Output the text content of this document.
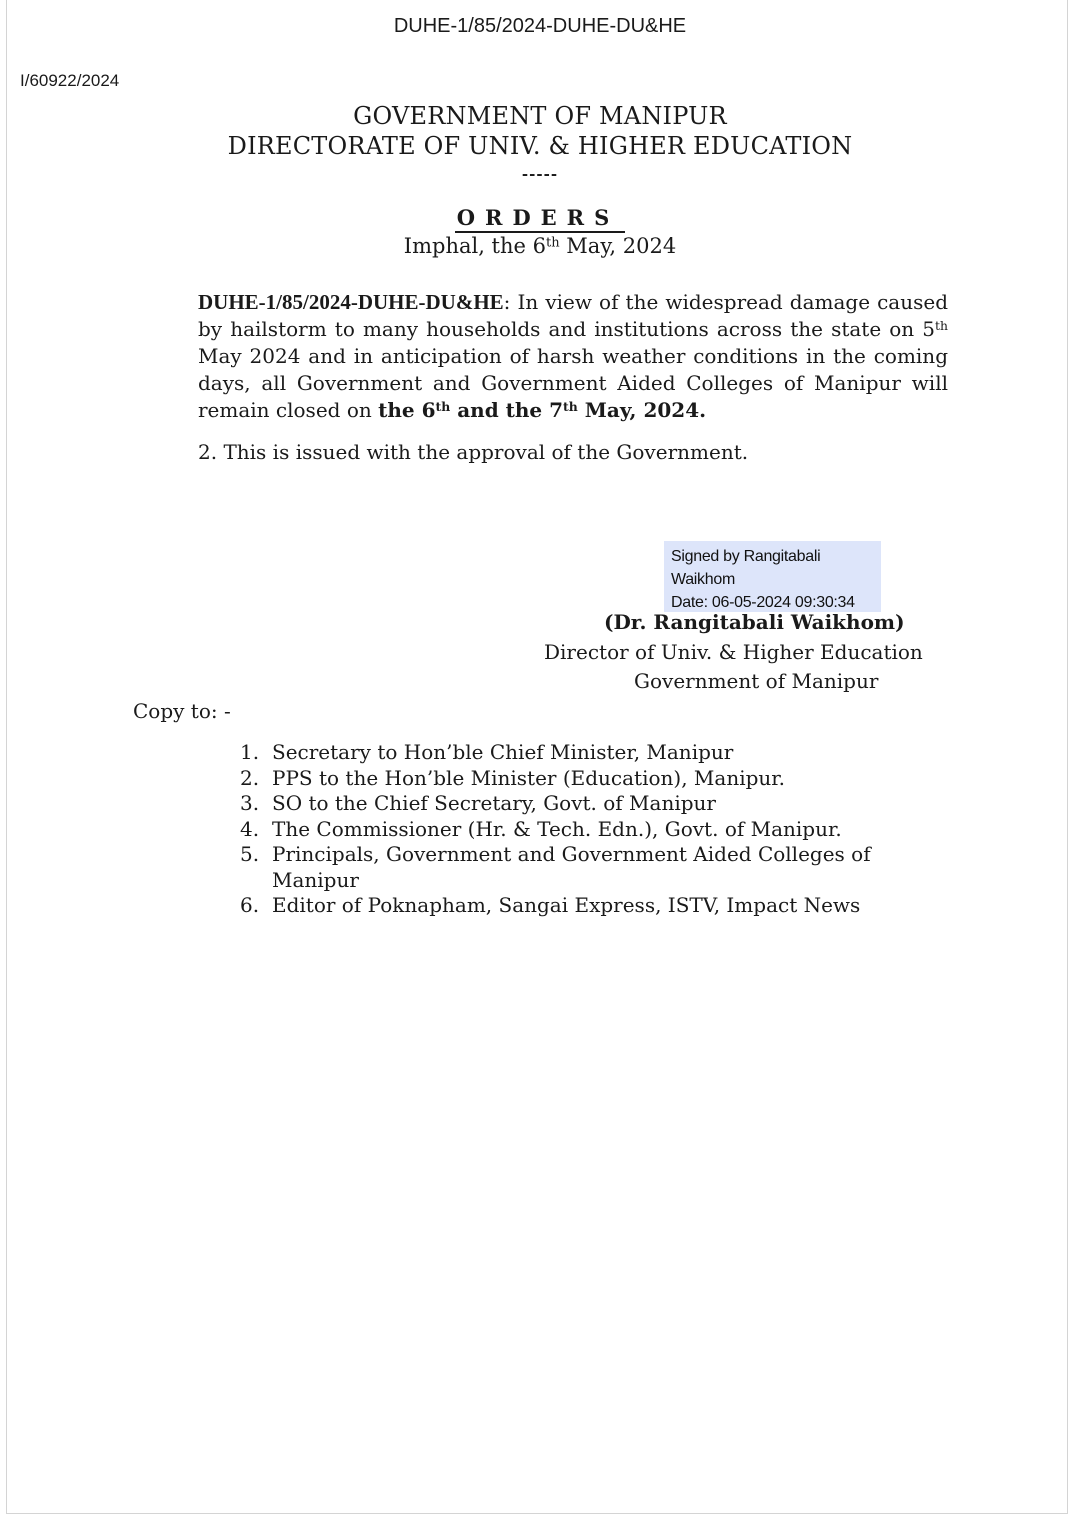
DUHE-1/85/2024-DUHE-DU&HE
I/60922/2024
GOVERNMENT OF MANIPUR
DIRECTORATE OF UNIV. & HIGHER EDUCATION
-----
ORDERS
Imphal, the 6th May, 2024
DUHE-1/85/2024-DUHE-DU&HE: In view of the widespread damage caused by hailstorm to many households and institutions across the state on 5th May 2024 and in anticipation of harsh weather conditions in the coming days, all Government and Government Aided Colleges of Manipur will remain closed on the 6th and the 7th May, 2024.
2. This is issued with the approval of the Government.
Signed by Rangitabali
Waikhom
Date: 06-05-2024 09:30:34
(Dr. Rangitabali Waikhom)
Director of Univ. & Higher Education
Government of Manipur
Copy to: -
1. Secretary to Hon’ble Chief Minister, Manipur
2. PPS to the Hon’ble Minister (Education), Manipur.
3. SO to the Chief Secretary, Govt. of Manipur
4. The Commissioner (Hr. & Tech. Edn.), Govt. of Manipur.
5. Principals, Government and Government Aided Colleges of Manipur
6. Editor of Poknapham, Sangai Express, ISTV, Impact News
